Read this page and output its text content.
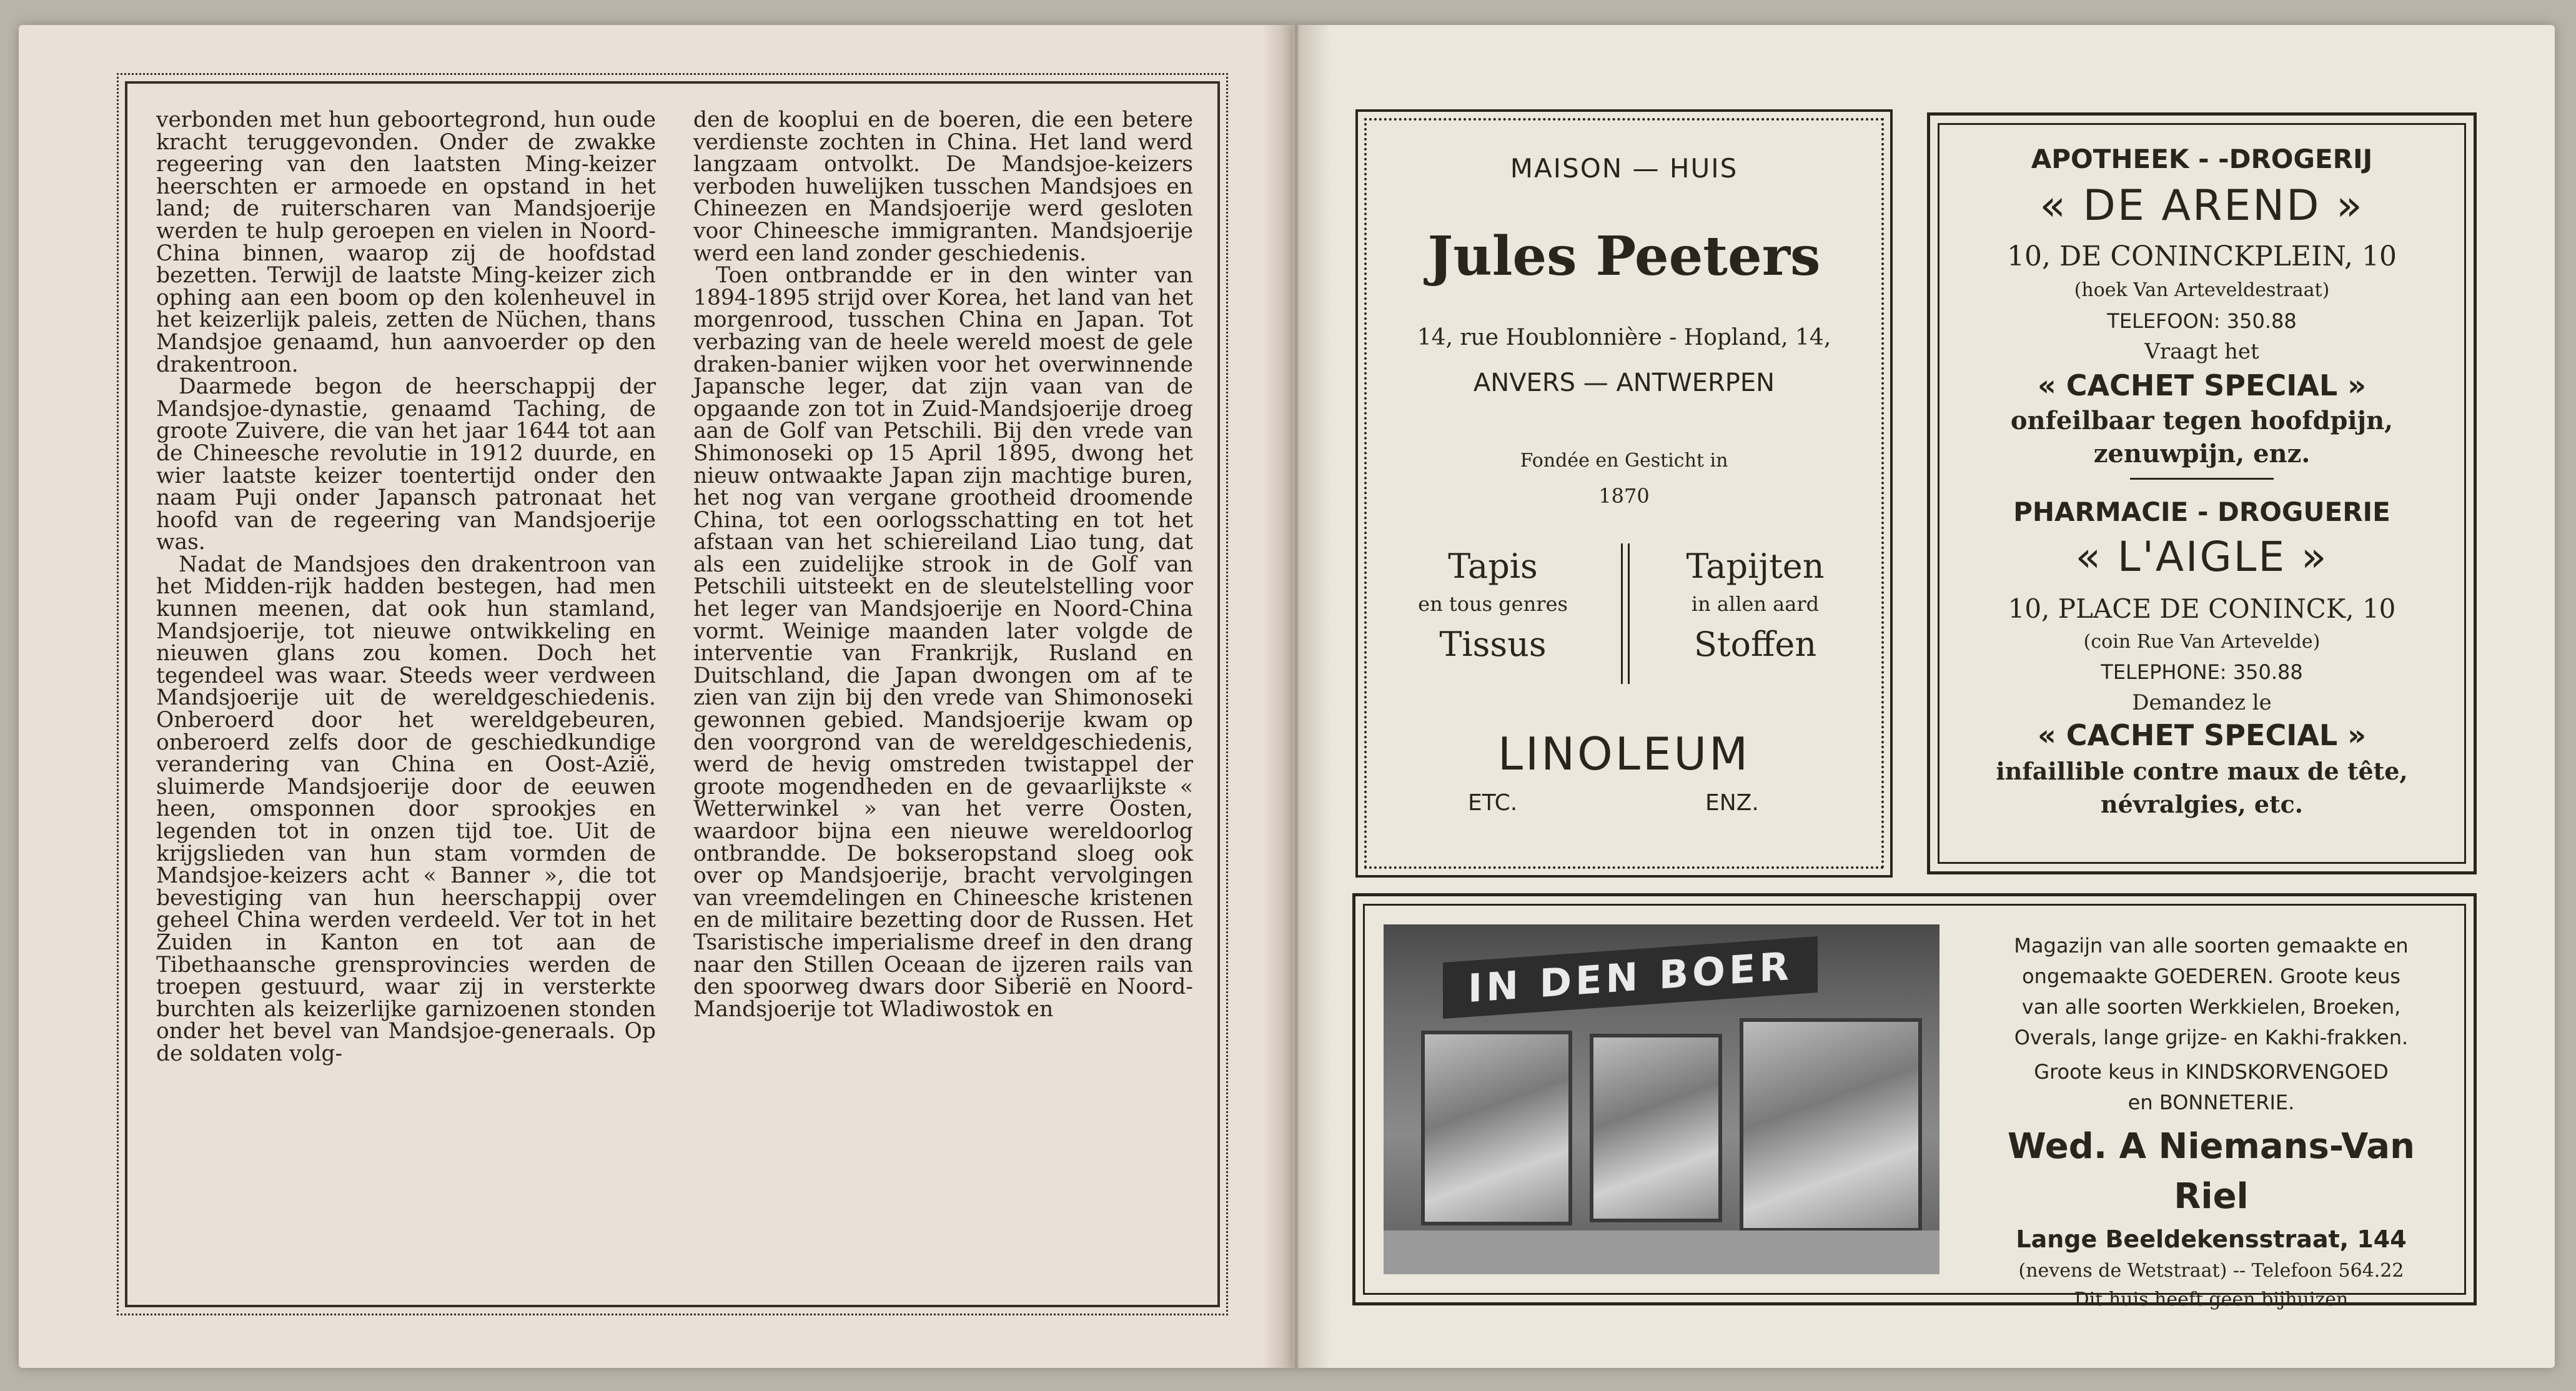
verbonden met hun geboortegrond, hun oude kracht teruggevonden. Onder de zwakke regeering van den laatsten Ming-keizer heerschten er armoede en opstand in het land; de ruiterscharen van Mandsjoerije werden te hulp geroepen en vielen in Noord-China binnen, waarop zij de hoofdstad bezetten. Terwijl de laatste Ming-keizer zich ophing aan een boom op den kolenheuvel in het keizerlijk paleis, zetten de Nüchen, thans Mandsjoe genaamd, hun aanvoerder op den drakentroon.

Daarmede begon de heerschappij der Mandsjoe-dynastie, genaamd Taching, de groote Zuivere, die van het jaar 1644 tot aan de Chineesche revolutie in 1912 duurde, en wier laatste keizer toentertijd onder den naam Puji onder Japansch patronaat het hoofd van de regeering van Mandsjoerije was.

Nadat de Mandsjoes den drakentroon van het Midden-rijk hadden bestegen, had men kunnen meenen, dat ook hun stamland, Mandsjoerije, tot nieuwe ontwikkeling en nieuwen glans zou komen. Doch het tegendeel was waar. Steeds weer verdween Mandsjoerije uit de wereldgeschiedenis. Onberoerd door het wereldgebeuren, onberoerd zelfs door de geschiedkundige verandering van China en Oost-Azië, sluimerde Mandsjoerije door de eeuwen heen, omsponnen door sprookjes en legenden tot in onzen tijd toe. Uit de krijgslieden van hun stam vormden de Mandsjoe-keizers acht « Banner », die tot bevestiging van hun heerschappij over geheel China werden verdeeld. Ver tot in het Zuiden in Kanton en tot aan de Tibethaansche grensprovincies werden de troepen gestuurd, waar zij in versterkte burchten als keizerlijke garnizoenen stonden onder het bevel van Mandsjoe-generaals. Op de soldaten volg-

den de kooplui en de boeren, die een betere verdienste zochten in China. Het land werd langzaam ontvolkt. De Mandsjoe-keizers verboden huwelijken tusschen Mandsjoes en Chineezen en Mandsjoerije werd gesloten voor Chineesche immigranten. Mandsjoerije werd een land zonder geschiedenis.

Toen ontbrandde er in den winter van 1894-1895 strijd over Korea, het land van het morgenrood, tusschen China en Japan. Tot verbazing van de heele wereld moest de gele draken-banier wijken voor het overwinnende Japansche leger, dat zijn vaan van de opgaande zon tot in Zuid-Mandsjoerije droeg aan de Golf van Petschili. Bij den vrede van Shimonoseki op 15 April 1895, dwong het nieuw ontwaakte Japan zijn machtige buren, het nog van vergane grootheid droomende China, tot een oorlogsschatting en tot het afstaan van het schiereiland Liao tung, dat als een zuidelijke strook in de Golf van Petschili uitsteekt en de sleutelstelling voor het leger van Mandsjoerije en Noord-China vormt. Weinige maanden later volgde de interventie van Frankrijk, Rusland en Duitschland, die Japan dwongen om af te zien van zijn bij den vrede van Shimonoseki gewonnen gebied. Mandsjoerije kwam op den voorgrond van de wereldgeschiedenis, werd de hevig omstreden twistappel der groote mogendheden en de gevaarlijkste « Wetterwinkel » van het verre Oosten, waardoor bijna een nieuwe wereldoorlog ontbrandde. De bokseropstand sloeg ook over op Mandsjoerije, bracht vervolgingen van vreemdelingen en Chineesche kristenen en de militaire bezetting door de Russen. Het Tsaristische imperialisme dreef in den drang naar den Stillen Oceaan de ijzeren rails van den spoorweg dwars door Siberië en Noord-Mandsjoerije tot Wladiwostok en

MAISON — HUIS
Jules Peeters
14, rue Houblonnière - Hopland, 14,
ANVERS — ANTWERPEN
Fondée en Gesticht in
1870
Tapis
en tous genres
Tissus
Tapijten
in allen aard
Stoffen
LINOLEUM
ETC.	ENZ.
APOTHEEK - -DROGERIJ
« DE AREND »
10, DE CONINCKPLEIN, 10
(hoek Van Arteveldestraat)
TELEFOON: 350.88
Vraagt het
« CACHET SPECIAL »
onfeilbaar tegen hoofdpijn,
zenuwpijn, enz.
PHARMACIE - DROGUERIE
« L'AIGLE »
10, PLACE DE CONINCK, 10
(coin Rue Van Artevelde)
TELEPHONE: 350.88
Demandez le
« CACHET SPECIAL »
infaillible contre maux de tête,
névralgies, etc.
Magazijn van alle soorten gemaakte en
ongemaakte GOEDEREN. Groote keus
van alle soorten Werkkielen, Broeken,
Overals, lange grijze- en Kakhi-frakken.
Groote keus in KINDSKORVENGOED
en BONNETERIE.
Wed. A Niemans-Van Riel
Lange Beeldekensstraat, 144
(nevens de Wetstraat) -- Telefoon 564.22
Dit huis heeft geen bijhuizen
IN DEN BOER
